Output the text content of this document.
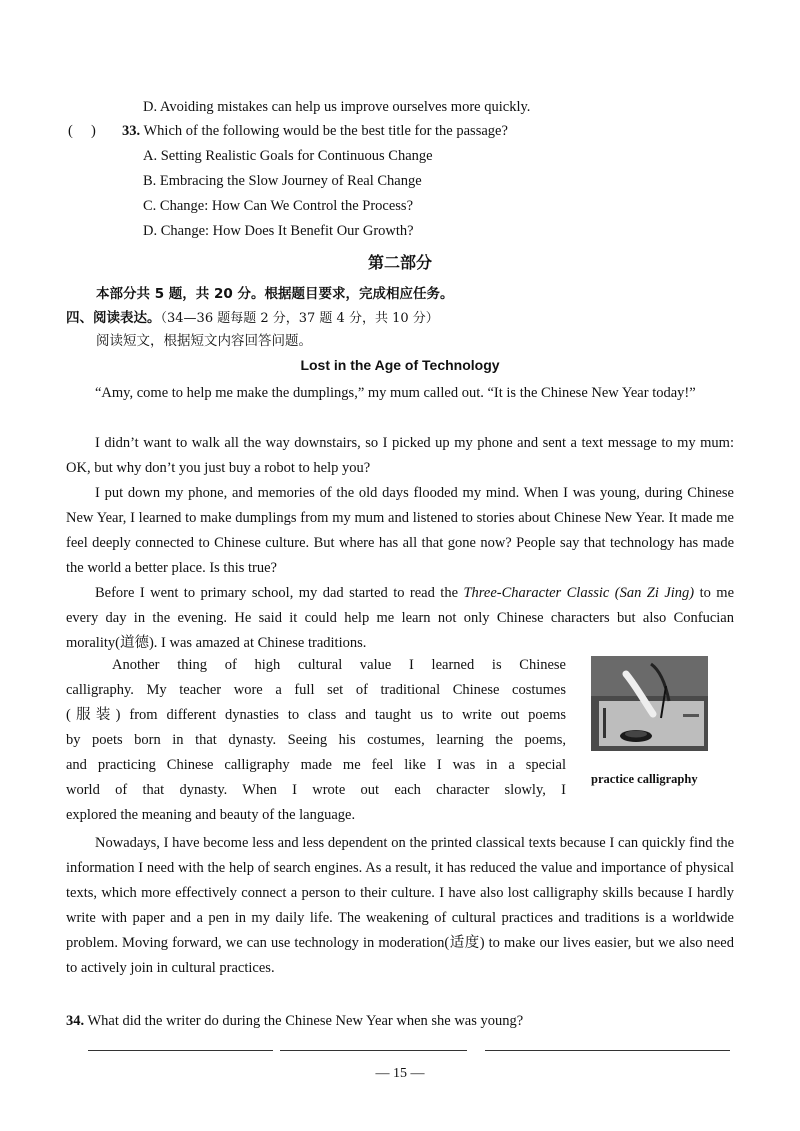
D. Avoiding mistakes can help us improve ourselves more quickly.
(     ) 33. Which of the following would be the best title for the passage?
A. Setting Realistic Goals for Continuous Change
B. Embracing the Slow Journey of Real Change
C. Change: How Can We Control the Process?
D. Change: How Does It Benefit Our Growth?
第二部分
本部分共 5 题，共 20 分。根据题目要求，完成相应任务。
四、阅读表达。（34—36 题每题 2 分，37 题 4 分，共 10 分）
阅读短文，根据短文内容回答问题。
Lost in the Age of Technology

“Amy, come to help me make the dumplings,” my mum called out. “It is the Chinese New Year today!”

I didn’t want to walk all the way downstairs, so I picked up my phone and sent a text message to my mum: OK, but why don’t you just buy a robot to help you?

I put down my phone, and memories of the old days flooded my mind. When I was young, during Chinese New Year, I learned to make dumplings from my mum and listened to stories about Chinese New Year. It made me feel deeply connected to Chinese culture. But where has all that gone now? People say that technology has made the world a better place. Is this true?

Before I went to primary school, my dad started to read the Three-Character Classic (San Zi Jing) to me every day in the evening. He said it could help me learn not only Chinese characters but also Confucian morality(道德). I was amazed at Chinese traditions.

Another thing of high cultural value I learned is Chinese
calligraphy. My teacher wore a full set of traditional Chinese costumes
(服装) from different dynasties to class and taught us to write out poems
by poets born in that dynasty. Seeing his costumes, learning the poems,
and practicing Chinese calligraphy made me feel like I was in a special
world of that dynasty. When I wrote out each character slowly, I
explored the meaning and beauty of the language.
practice calligraphy

Nowadays, I have become less and less dependent on the printed classical texts because I can quickly find the information I need with the help of search engines. As a result, it has reduced the value and importance of physical texts, which more effectively connect a person to their culture. I have also lost calligraphy skills because I hardly write with paper and a pen in my daily life. The weakening of cultural practices and traditions is a worldwide problem. Moving forward, we can use technology in moderation(适度) to make our lives easier, but we also need to actively join in cultural practices.

34. What did the writer do during the Chinese New Year when she was young?
— 15 —
